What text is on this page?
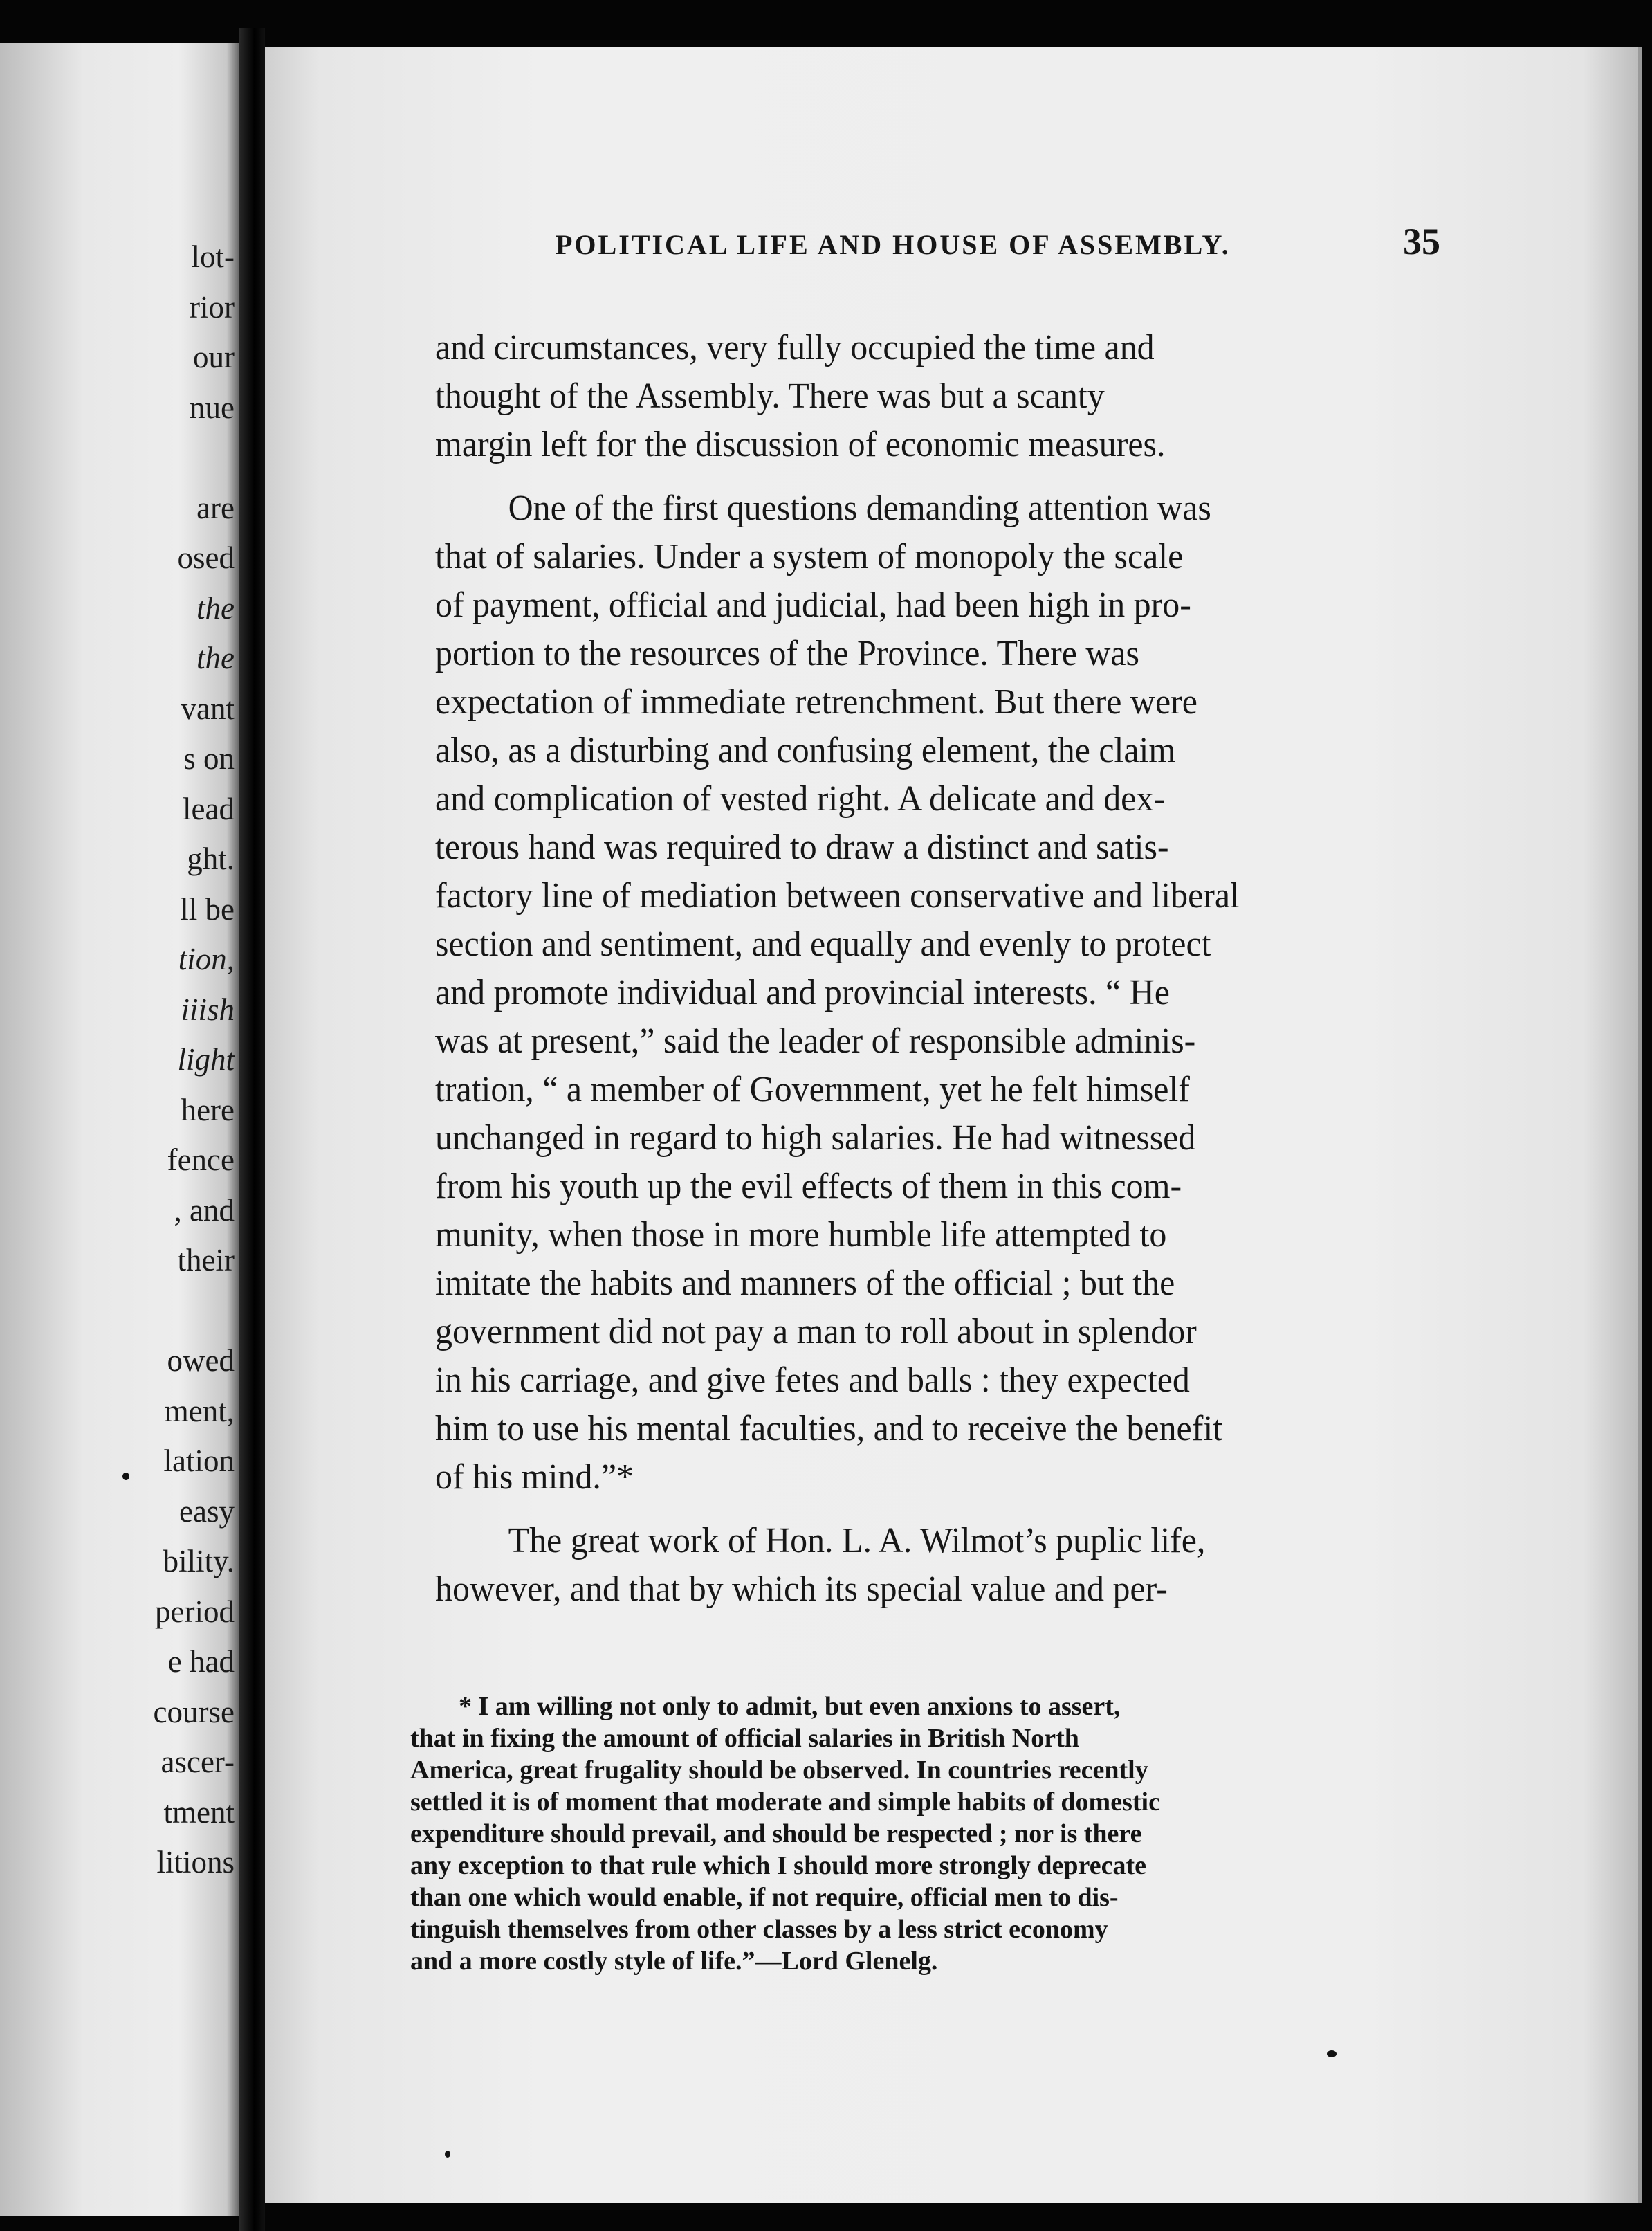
lot-
rior
our
nue
are
osed
the
the
vant
s on
lead
ght.
ll be
tion,
iiish
light
here
fence
, and
their
owed
ment,
lation
easy
bility.
period
e had
course
ascer-
tment
litions
POLITICAL LIFE AND HOUSE OF ASSEMBLY.	35
and circumstances, very fully occupied the time and
thought of the Assembly. There was but a scanty
margin left for the discussion of economic measures.
One of the first questions demanding attention was
that of salaries. Under a system of monopoly the scale
of payment, official and judicial, had been high in pro-
portion to the resources of the Province. There was
expectation of immediate retrenchment. But there were
also, as a disturbing and confusing element, the claim
and complication of vested right. A delicate and dex-
terous hand was required to draw a distinct and satis-
factory line of mediation between conservative and liberal
section and sentiment, and equally and evenly to protect
and promote individual and provincial interests. “ He
was at present,” said the leader of responsible adminis-
tration, “ a member of Government, yet he felt himself
unchanged in regard to high salaries. He had witnessed
from his youth up the evil effects of them in this com-
munity, when those in more humble life attempted to
imitate the habits and manners of the official ; but the
government did not pay a man to roll about in splendor
in his carriage, and give fetes and balls : they expected
him to use his mental faculties, and to receive the benefit
of his mind.”*
The great work of Hon. L. A. Wilmot’s puplic life,
however, and that by which its special value and per-
* I am willing not only to admit, but even anxions to assert,
that in fixing the amount of official salaries in British North
America, great frugality should be observed. In countries recently
settled it is of moment that moderate and simple habits of domestic
expenditure should prevail, and should be respected ; nor is there
any exception to that rule which I should more strongly deprecate
than one which would enable, if not require, official men to dis-
tinguish themselves from other classes by a less strict economy
and a more costly style of life.”—Lord Glenelg.
